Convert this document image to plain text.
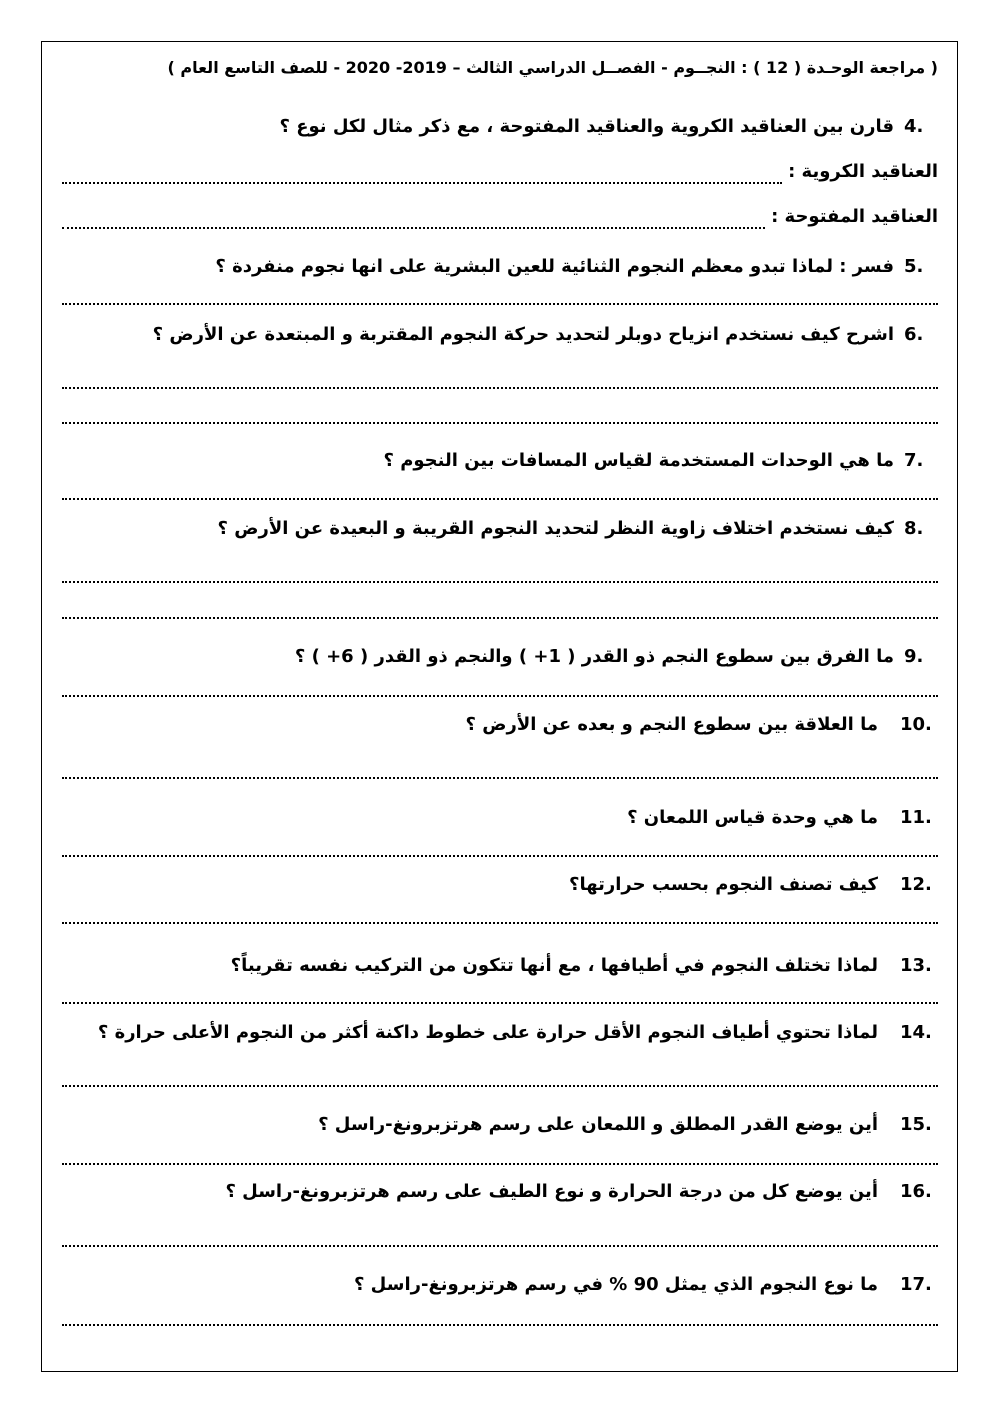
( مراجعة الوحـدة ( 12 ) : النجــوم - الفصــل الدراسي الثالث – 2019- 2020 - للصف التاسع العام )
4.قارن بين العناقيد الكروية والعناقيد المفتوحة ، مع ذكر مثال لكل نوع ؟
العناقيد الكروية :
العناقيد المفتوحة :
5.فسر : لماذا تبدو معظم النجوم الثنائية للعين البشرية على انها نجوم منفردة ؟
6.اشرح كيف نستخدم انزياح دوبلر لتحديد حركة النجوم المقتربة و المبتعدة عن الأرض ؟
7.ما هي الوحدات المستخدمة لقياس المسافات بين النجوم ؟
8.كيف نستخدم اختلاف زاوية النظر لتحديد النجوم القريبة و البعيدة عن الأرض ؟
9.ما الفرق بين سطوع النجم ذو القدر ( 1+ ) والنجم ذو القدر ( 6+ ) ؟
10.ما العلاقة بين سطوع النجم و بعده عن الأرض ؟
11.ما هي وحدة قياس اللمعان ؟
12.كيف تصنف النجوم بحسب حرارتها؟
13.لماذا تختلف النجوم في أطيافها ، مع أنها تتكون من التركيب نفسه تقريباً؟
14.لماذا تحتوي أطياف النجوم الأقل حرارة على خطوط داكنة أكثر من النجوم الأعلى حرارة ؟
15.أين يوضع القدر المطلق و اللمعان على رسم هرتزبرونغ-راسل ؟
16.أين يوضع كل من درجة الحرارة و نوع الطيف على رسم هرتزبرونغ-راسل ؟
17.ما نوع النجوم الذي يمثل 90 % في رسم هرتزبرونغ-راسل ؟
